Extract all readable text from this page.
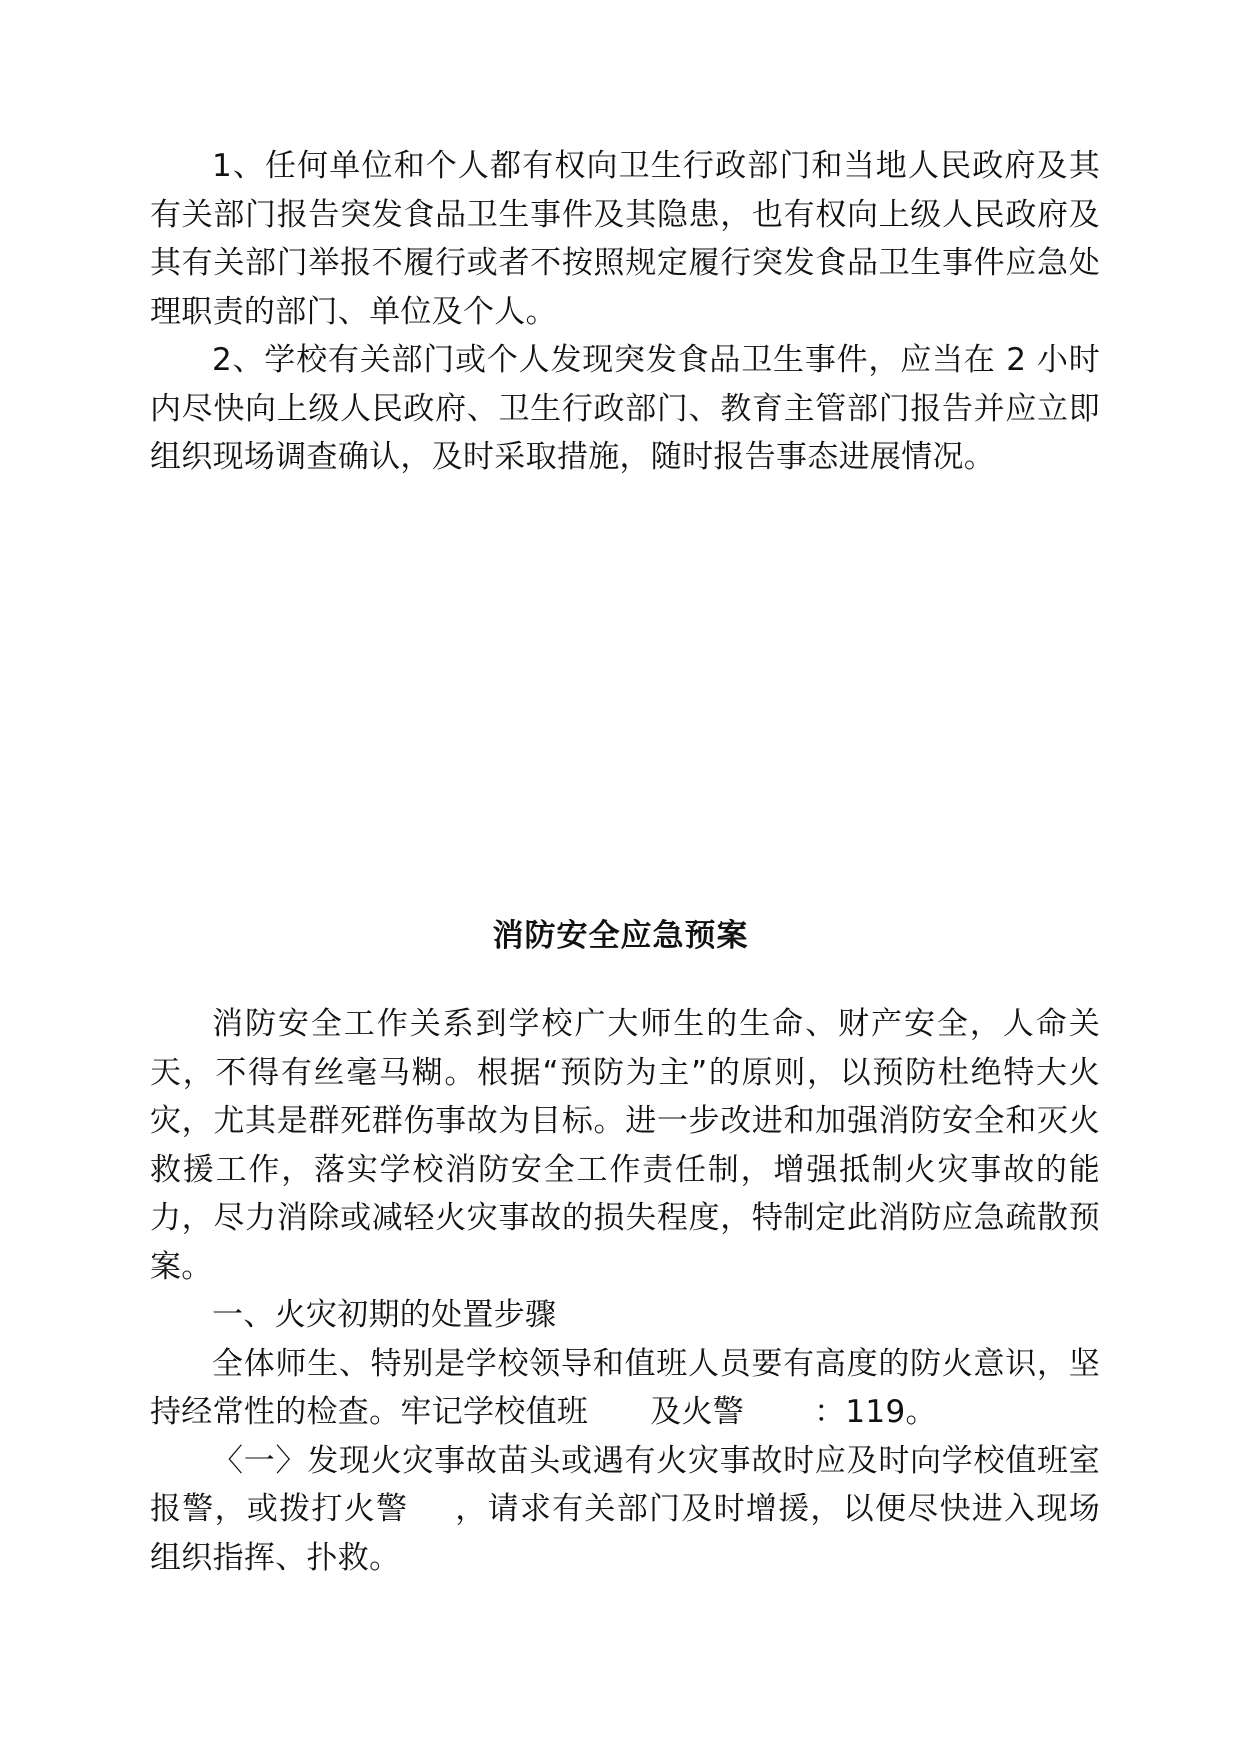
1、任何单位和个人都有权向卫生行政部门和当地人民政府及其有关部门报告突发食品卫生事件及其隐患，也有权向上级人民政府及其有关部门举报不履行或者不按照规定履行突发食品卫生事件应急处理职责的部门、单位及个人。

2、学校有关部门或个人发现突发食品卫生事件，应当在 2 小时内尽快向上级人民政府、卫生行政部门、教育主管部门报告并应立即组织现场调查确认，及时采取措施，随时报告事态进展情况。

消防安全应急预案

消防安全工作关系到学校广大师生的生命、财产安全，人命关天，不得有丝毫马糊。根据“预防为主”的原则，以预防杜绝特大火灾，尤其是群死群伤事故为目标。进一步改进和加强消防安全和灭火救援工作，落实学校消防安全工作责任制，增强抵制火灾事故的能力，尽力消除或减轻火灾事故的损失程度，特制定此消防应急疏散预案。

一、火灾初期的处置步骤

全体师生、特别是学校领导和值班人员要有高度的防火意识，坚持经常性的检查。牢记学校值班 及火警 ：119。

〈一〉发现火灾事故苗头或遇有火灾事故时应及时向学校值班室报警，或拨打火警 ，请求有关部门及时增援，以便尽快进入现场组织指挥、扑救。
